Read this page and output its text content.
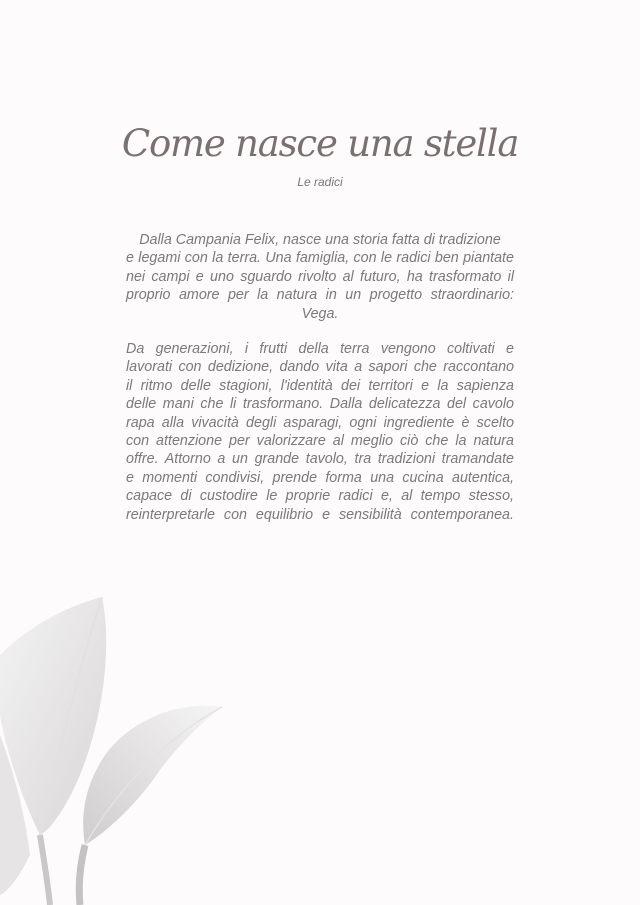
Come nasce una stella
Le radici
Dalla Campania Felix, nasce una storia fatta di tradizione
e legami con la terra. Una famiglia, con le radici ben piantate
nei campi e uno sguardo rivolto al futuro, ha trasformato il
proprio amore per la natura in un progetto straordinario:
Vega.
Da generazioni, i frutti della terra vengono coltivati e
lavorati con dedizione, dando vita a sapori che raccontano
il ritmo delle stagioni, l'identità dei territori e la sapienza
delle mani che li trasformano. Dalla delicatezza del cavolo
rapa alla vivacità degli asparagi, ogni ingrediente è scelto
con attenzione per valorizzare al meglio ciò che la natura
offre. Attorno a un grande tavolo, tra tradizioni tramandate
e momenti condivisi, prende forma una cucina autentica,
capace di custodire le proprie radici e, al tempo stesso,
reinterpretarle con equilibrio e sensibilità contemporanea.
